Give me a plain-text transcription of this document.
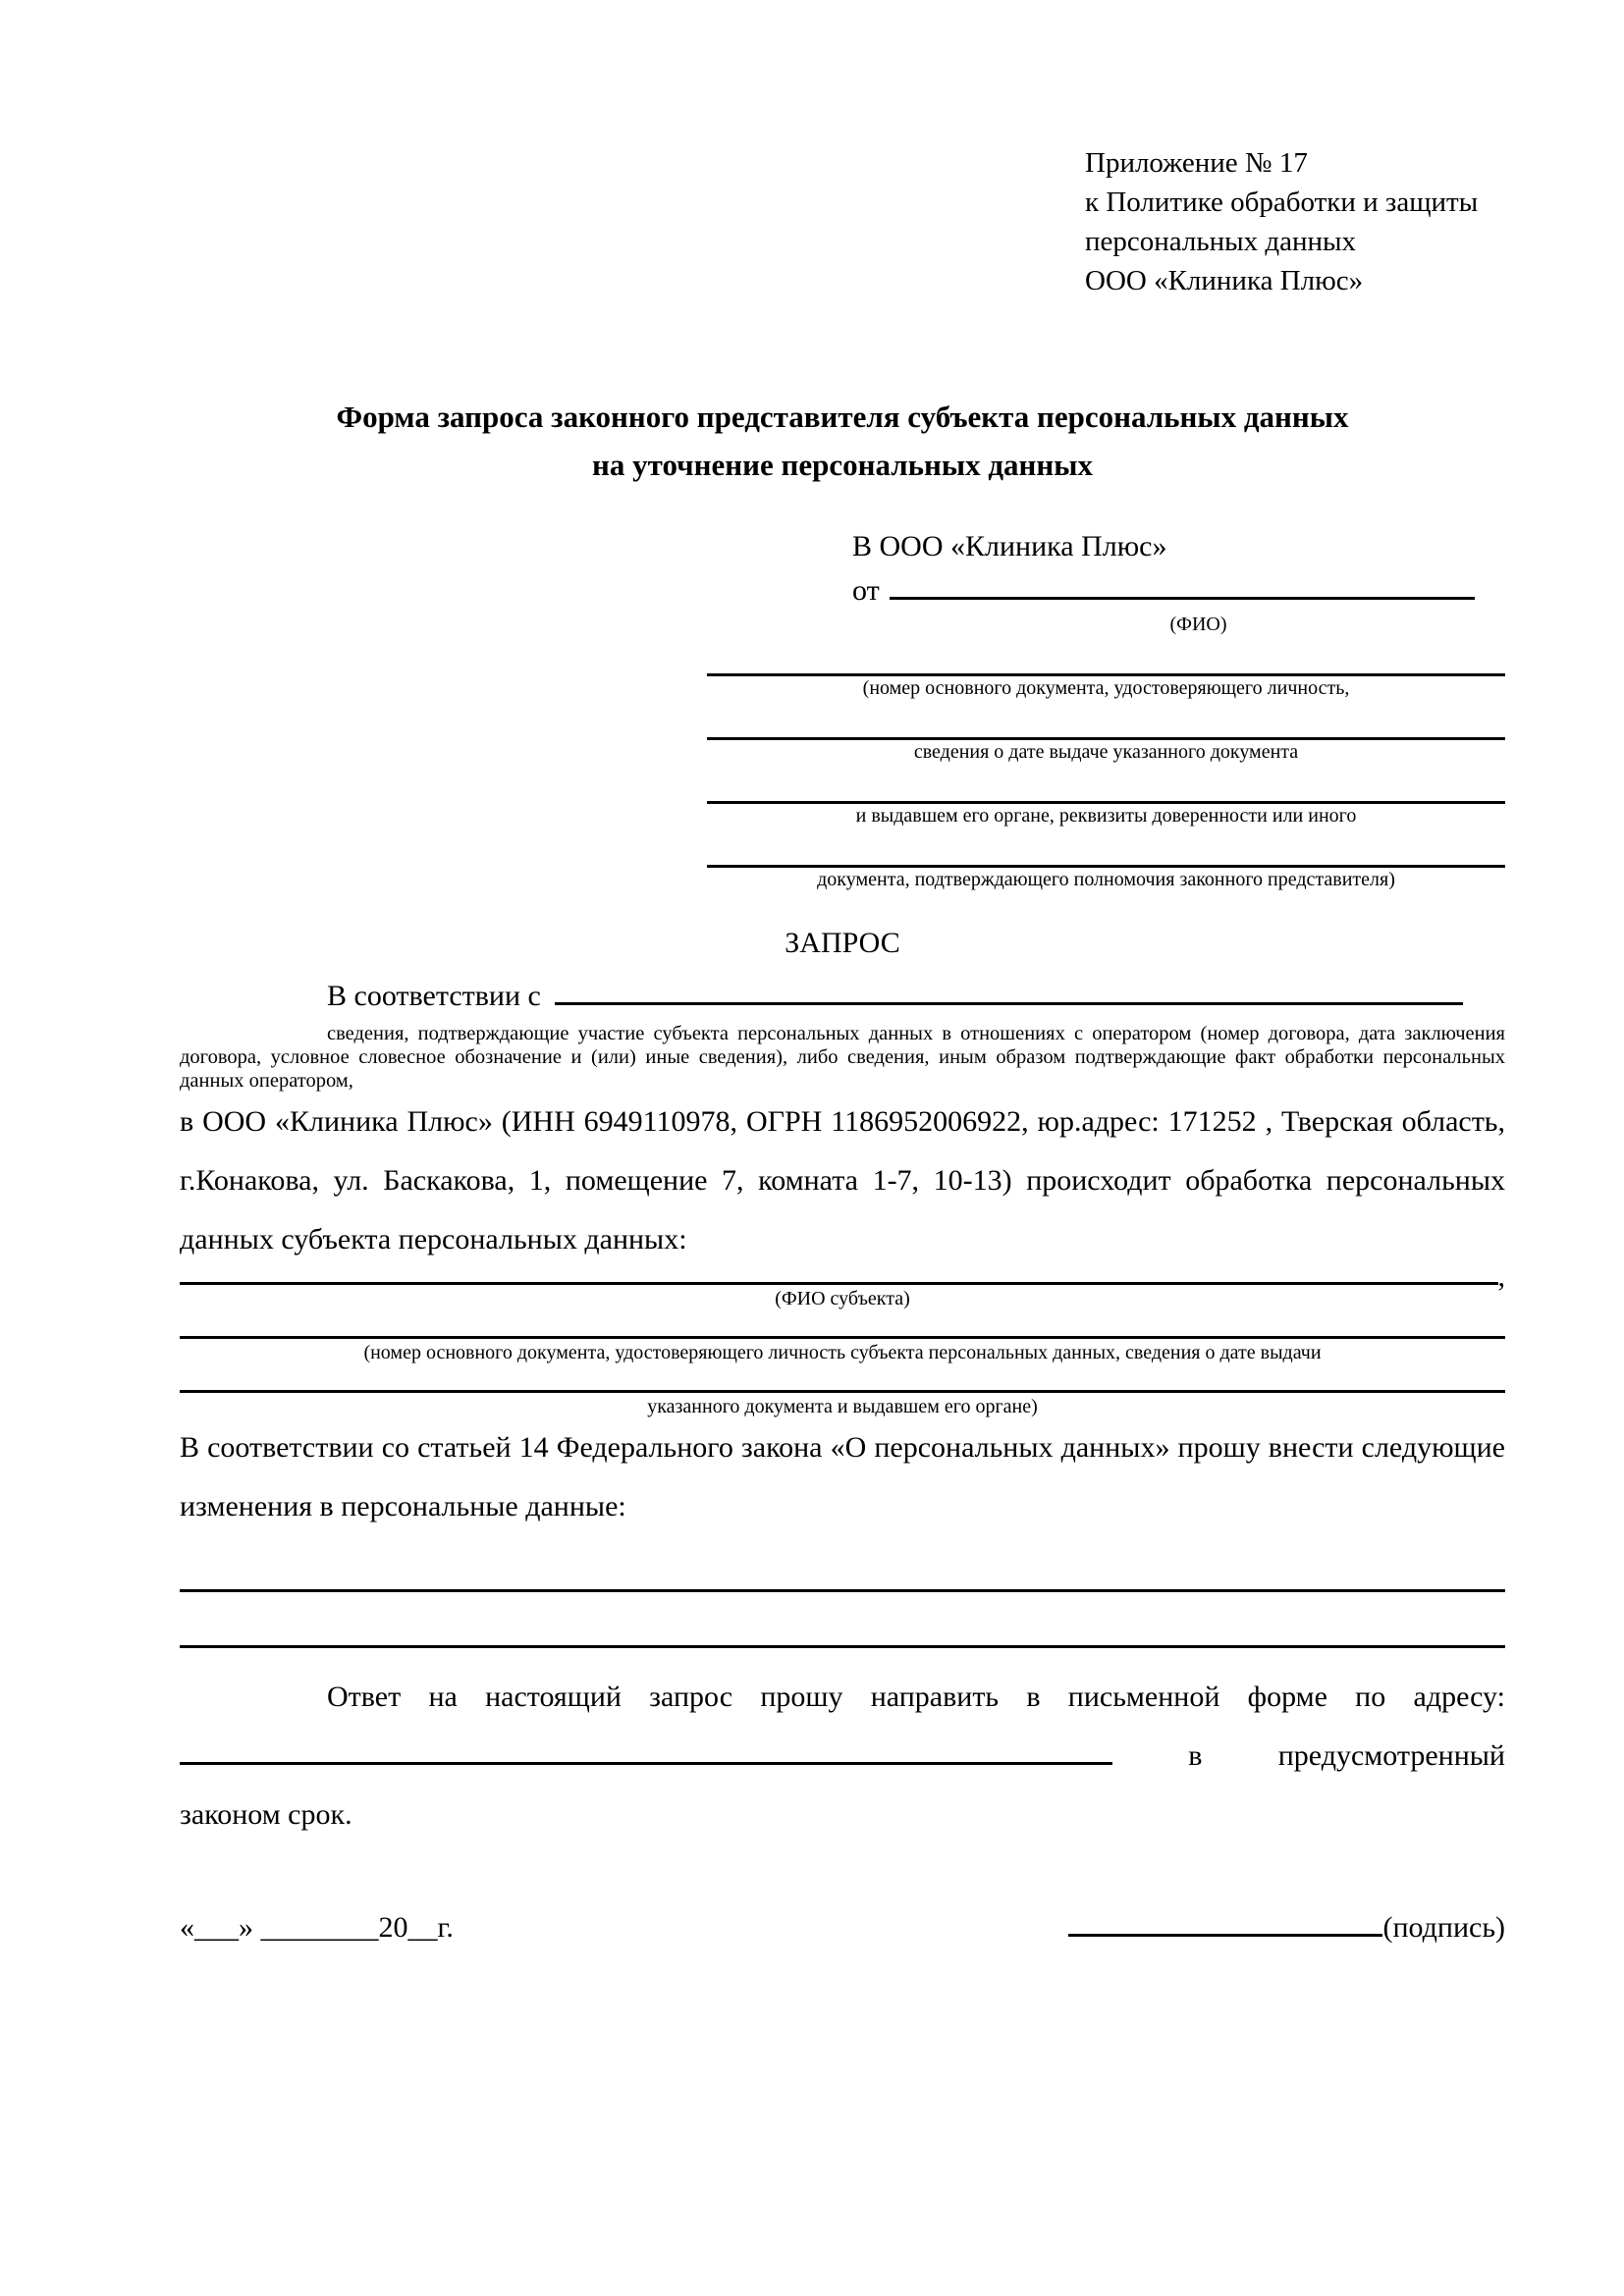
Приложение № 17
к Политике обработки и защиты
персональных данных
ООО «Клиника Плюс»
Форма запроса законного представителя субъекта персональных данных
на уточнение персональных данных
В ООО «Клиника Плюс»
от
(ФИО)
(номер основного документа, удостоверяющего личность,
сведения о дате выдаче указанного документа
и выдавшем его органе, реквизиты доверенности или иного
документа, подтверждающего полномочия законного представителя)
ЗАПРОС
В соответствии с
сведения, подтверждающие участие субъекта персональных данных в отношениях с оператором (номер договора, дата заключения договора, условное словесное обозначение и (или) иные сведения), либо сведения, иным образом подтверждающие факт обработки персональных данных оператором,
в ООО «Клиника Плюс» (ИНН 6949110978, ОГРН 1186952006922, юр.адрес: 171252 , Тверская область, г.Конакова, ул. Баскакова, 1, помещение 7, комната 1-7, 10-13) происходит обработка персональных данных субъекта персональных данных:
,
(ФИО субъекта)
(номер основного документа, удостоверяющего личность субъекта персональных данных, сведения о дате выдачи
указанного документа и выдавшем его органе)
В соответствии со статьей 14 Федерального закона «О персональных данных» прошу внести следующие изменения в персональные данные:
Ответ на настоящий запрос прошу направить в письменной форме по адресу:
в	предусмотренный
законом срок.
«___» ________20__г.	(подпись)
